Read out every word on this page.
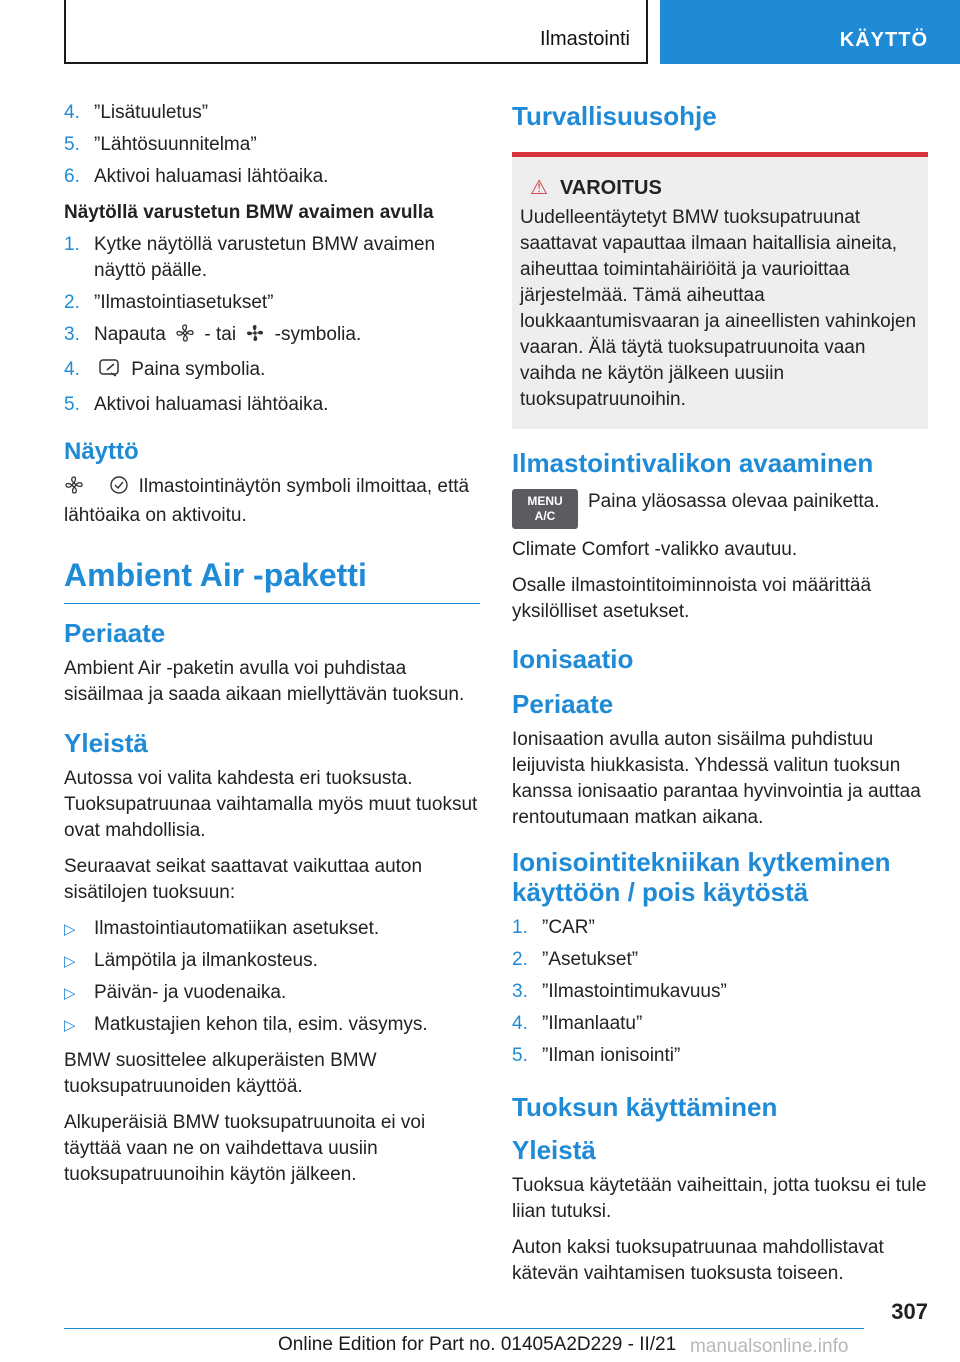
Ilmastointi	KÄYTTÖ
4. ”Lisätuuletus”
5. ”Lähtösuunnitelma”
6. Aktivoi haluamasi lähtöaika.
Näytöllä varustetun BMW avaimen avulla
1. Kytke näytöllä varustetun BMW avaimen näyttö päälle.
2. ”Ilmastointiasetukset”
3. Napauta - tai -symbolia.
4.	Paina symbolia.
5. Aktivoi haluamasi lähtöaika.
Näyttö

Ilmastointinäytön symboli ilmoittaa, että lähtöaika on aktivoitu.

Ambient Air -paketti
Periaate

Ambient Air -paketin avulla voi puhdistaa sisäilmaa ja saada aikaan miellyttävän tuoksun.

Yleistä

Autossa voi valita kahdesta eri tuoksusta. Tuoksupatruunaa vaihtamalla myös muut tuoksut ovat mahdollisia.

Seuraavat seikat saattavat vaikuttaa auton sisätilojen tuoksuun:

▷ Ilmastointiautomatiikan asetukset.
▷ Lämpötila ja ilmankosteus.
▷ Päivän- ja vuodenaika.
▷ Matkustajien kehon tila, esim. väsymys.

BMW suosittelee alkuperäisten BMW tuoksupatruunoiden käyttöä.

Alkuperäisiä BMW tuoksupatruunoita ei voi täyttää vaan ne on vaihdettava uusiin tuoksupatruunoihin käytön jälkeen.

Turvallisuusohje
⚠ VAROITUS

Uudelleentäytetyt BMW tuoksupatruunat saattavat vapauttaa ilmaan haitallisia aineita, aiheuttaa toimintahäiriöitä ja vaurioittaa järjestelmää. Tämä aiheuttaa loukkaantumisvaaran ja aineellisten vahinkojen vaaran. Älä täytä tuoksupatruunoita vaan vaihda ne käytön jälkeen uusiin tuoksupatruunoihin.

Ilmastointivalikon avaaminen
MENU
A/C

Paina yläosassa olevaa painiketta.

Climate Comfort -valikko avautuu.

Osalle ilmastointitoiminnoista voi määrittää yksilölliset asetukset.

Ionisaatio
Periaate

Ionisaation avulla auton sisäilma puhdistuu leijuvista hiukkasista. Yhdessä valitun tuoksun kanssa ionisaatio parantaa hyvinvointia ja auttaa rentoutumaan matkan aikana.

Ionisointitekniikan kytkeminen käyttöön / pois käytöstä
1. ”CAR”
2. ”Asetukset”
3. ”Ilmastointimukavuus”
4. ”Ilmanlaatu”
5. ”Ilman ionisointi”
Tuoksun käyttäminen
Yleistä

Tuoksua käytetään vaiheittain, jotta tuoksu ei tule liian tutuksi.

Auton kaksi tuoksupatruunaa mahdollistavat kätevän vaihtamisen tuoksusta toiseen.

307
Online Edition for Part no. 01405A2D229 - II/21 manualsonline.info
